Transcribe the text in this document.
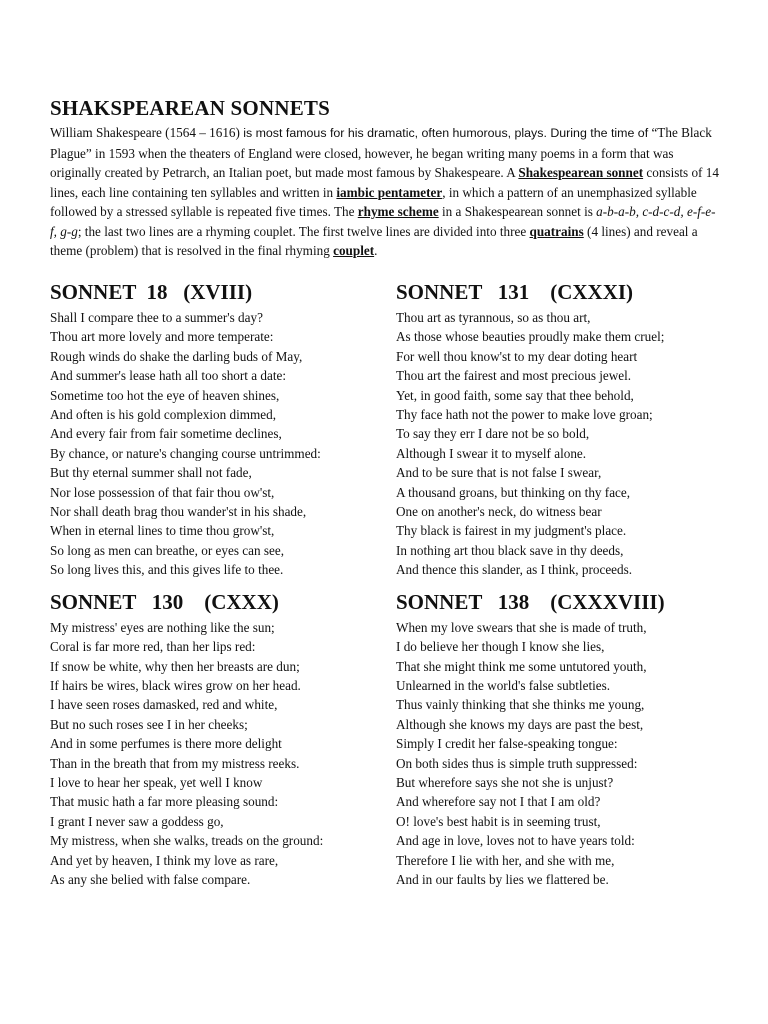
SHAKSPEAREAN SONNETS

William Shakespeare (1564 – 1616) is most famous for his dramatic, often humorous, plays. During the time of “The Black Plague” in 1593 when the theaters of England were closed, however, he began writing many poems in a form that was originally created by Petrarch, an Italian poet, but made most famous by Shakespeare. A Shakespearean sonnet consists of 14 lines, each line containing ten syllables and written in iambic pentameter, in which a pattern of an unemphasized syllable followed by a stressed syllable is repeated five times. The rhyme scheme in a Shakespearean sonnet is a-b-a-b, c-d-c-d, e-f-e-f, g-g; the last two lines are a rhyming couplet. The first twelve lines are divided into three quatrains (4 lines) and reveal a theme (problem) that is resolved in the final rhyming couplet.

SONNET  18   (XVIII)
Shall I compare thee to a summer's day?
Thou art more lovely and more temperate:
Rough winds do shake the darling buds of May,
And summer's lease hath all too short a date:
Sometime too hot the eye of heaven shines,
And often is his gold complexion dimmed,
And every fair from fair sometime declines,
By chance, or nature's changing course untrimmed:
But thy eternal summer shall not fade,
Nor lose possession of that fair thou ow'st,
Nor shall death brag thou wander'st in his shade,
When in eternal lines to time thou grow'st,
So long as men can breathe, or eyes can see,
So long lives this, and this gives life to thee.
SONNET   131    (CXXXI)
Thou art as tyrannous, so as thou art,
As those whose beauties proudly make them cruel;
For well thou know'st to my dear doting heart
Thou art the fairest and most precious jewel.
Yet, in good faith, some say that thee behold,
Thy face hath not the power to make love groan;
To say they err I dare not be so bold,
Although I swear it to myself alone.
And to be sure that is not false I swear,
A thousand groans, but thinking on thy face,
One on another's neck, do witness bear
Thy black is fairest in my judgment's place.
In nothing art thou black save in thy deeds,
And thence this slander, as I think, proceeds.
SONNET   130    (CXXX)
My mistress' eyes are nothing like the sun;
Coral is far more red, than her lips red:
If snow be white, why then her breasts are dun;
If hairs be wires, black wires grow on her head.
I have seen roses damasked, red and white,
But no such roses see I in her cheeks;
And in some perfumes is there more delight
Than in the breath that from my mistress reeks.
I love to hear her speak, yet well I know
That music hath a far more pleasing sound:
I grant I never saw a goddess go,
My mistress, when she walks, treads on the ground:
And yet by heaven, I think my love as rare,
As any she belied with false compare.
SONNET   138    (CXXXVIII)
When my love swears that she is made of truth,
I do believe her though I know she lies,
That she might think me some untutored youth,
Unlearned in the world's false subtleties.
Thus vainly thinking that she thinks me young,
Although she knows my days are past the best,
Simply I credit her false-speaking tongue:
On both sides thus is simple truth suppressed:
But wherefore says she not she is unjust?
And wherefore say not I that I am old?
O! love's best habit is in seeming trust,
And age in love, loves not to have years told:
Therefore I lie with her, and she with me,
And in our faults by lies we flattered be.
